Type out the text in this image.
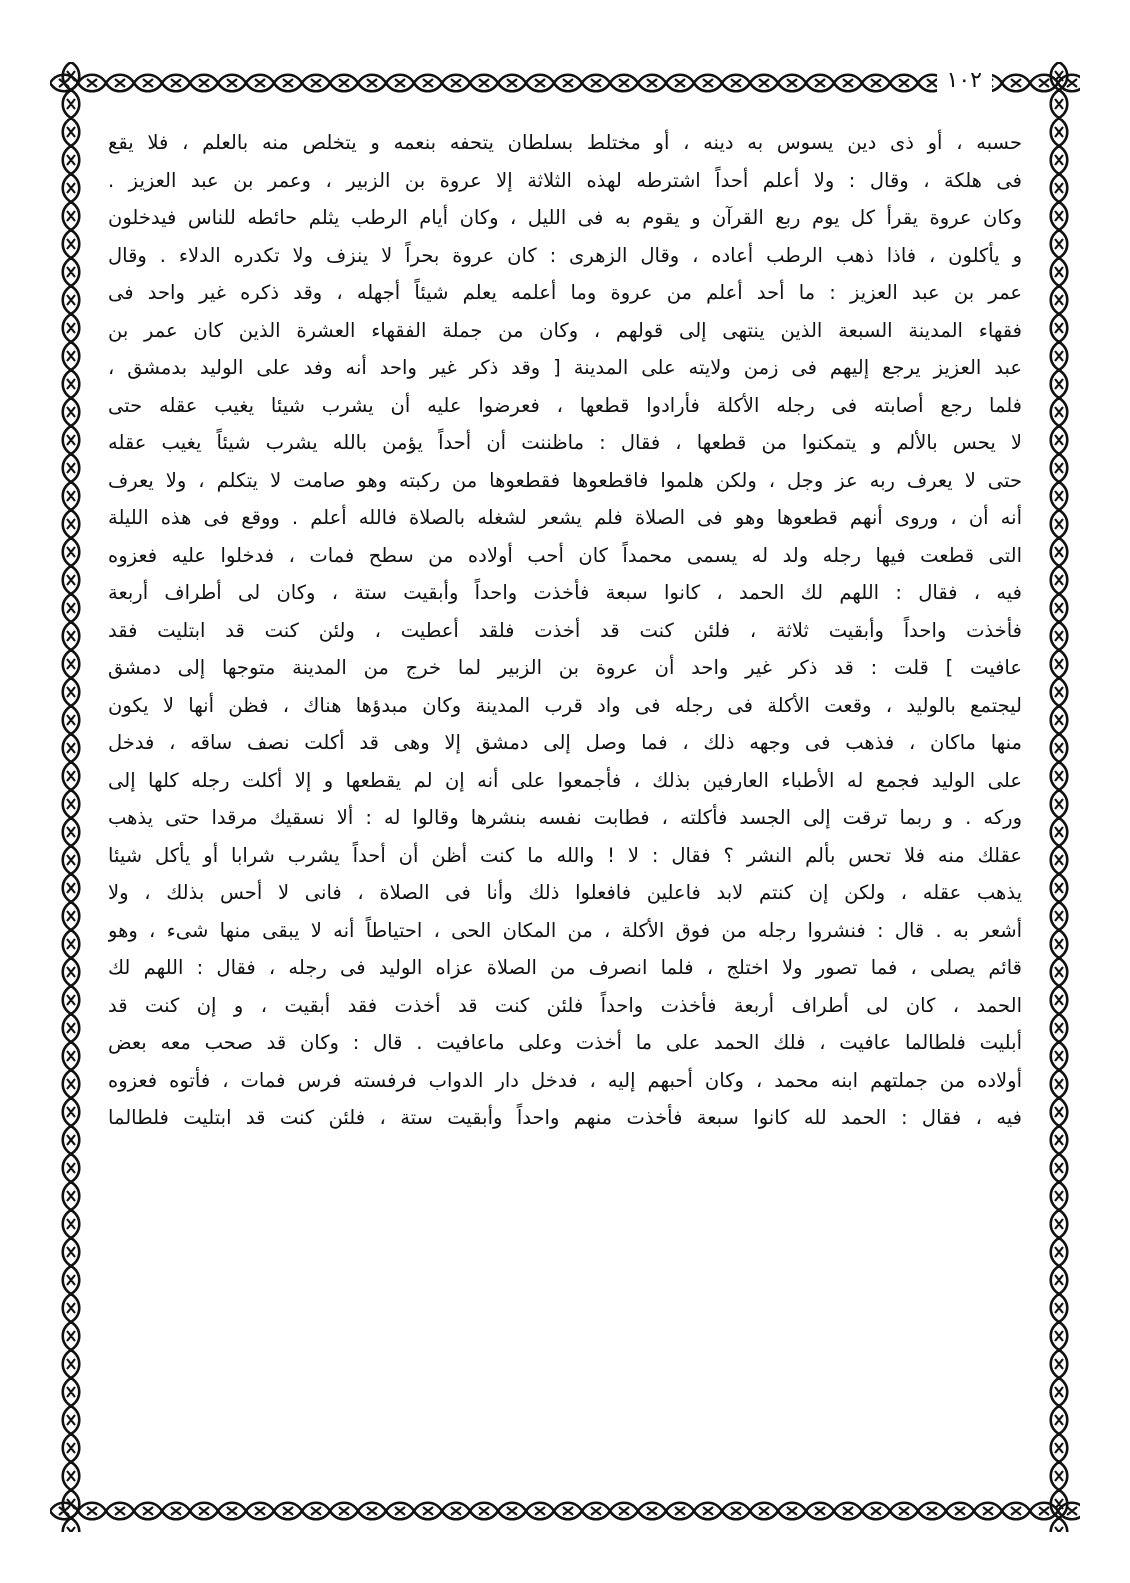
١٠٢
حسبه ، أو ذى دين يسوس به دينه ، أو مختلط بسلطان يتحفه بنعمه و يتخلص منه بالعلم ، فلا يقع
فى هلكة ، وقال : ولا أعلم أحداً اشترطه لهذه الثلاثة إلا عروة بن الزبير ، وعمر بن عبد العزيز .
وكان عروة يقرأ كل يوم ربع القرآن و يقوم به فى الليل ، وكان أيام الرطب يثلم حائطه للناس فيدخلون
و يأكلون ، فاذا ذهب الرطب أعاده ، وقال الزهرى : كان عروة بحراً لا ينزف ولا تكدره الدلاء . وقال
عمر بن عبد العزيز : ما أحد أعلم من عروة وما أعلمه يعلم شيئاً أجهله ، وقد ذكره غير واحد فى
فقهاء المدينة السبعة الذين ينتهى إلى قولهم ، وكان من جملة الفقهاء العشرة الذين كان عمر بن
عبد العزيز يرجع إليهم فى زمن ولايته على المدينة [ وقد ذكر غير واحد أنه وفد على الوليد بدمشق ،
فلما رجع أصابته فى رجله الأكلة فأرادوا قطعها ، فعرضوا عليه أن يشرب شيئا يغيب عقله حتى
لا يحس بالألم و يتمكنوا من قطعها ، فقال : ماظننت أن أحداً يؤمن بالله يشرب شيئاً يغيب عقله
حتى لا يعرف ربه عز وجل ، ولكن هلموا فاقطعوها فقطعوها من ركبته وهو صامت لا يتكلم ، ولا يعرف
أنه أن ، وروى أنهم قطعوها وهو فى الصلاة فلم يشعر لشغله بالصلاة فالله أعلم . ووقع فى هذه الليلة
التى قطعت فيها رجله ولد له يسمى محمداً كان أحب أولاده من سطح فمات ، فدخلوا عليه فعزوه
فيه ، فقال : اللهم لك الحمد ، كانوا سبعة فأخذت واحداً وأبقيت ستة ، وكان لى أطراف أربعة
فأخذت واحداً وأبقيت ثلاثة ، فلئن كنت قد أخذت فلقد أعطيت ، ولئن كنت قد ابتليت فقد
عافيت ] قلت : قد ذكر غير واحد أن عروة بن الزبير لما خرج من المدينة متوجها إلى دمشق
ليجتمع بالوليد ، وقعت الأكلة فى رجله فى واد قرب المدينة وكان مبدؤها هناك ، فظن أنها لا يكون
منها ماكان ، فذهب فى وجهه ذلك ، فما وصل إلى دمشق إلا وهى قد أكلت نصف ساقه ، فدخل
على الوليد فجمع له الأطباء العارفين بذلك ، فأجمعوا على أنه إن لم يقطعها و إلا أكلت رجله كلها إلى
وركه . و ربما ترقت إلى الجسد فأكلته ، فطابت نفسه بنشرها وقالوا له : ألا نسقيك مرقدا حتى يذهب
عقلك منه فلا تحس بألم النشر ؟ فقال : لا ! والله ما كنت أظن أن أحداً يشرب شرابا أو يأكل شيئا
يذهب عقله ، ولكن إن كنتم لابد فاعلين فافعلوا ذلك وأنا فى الصلاة ، فانى لا أحس بذلك ، ولا
أشعر به . قال : فنشروا رجله من فوق الأكلة ، من المكان الحى ، احتياطاً أنه لا يبقى منها شىء ، وهو
قائم يصلى ، فما تصور ولا اختلج ، فلما انصرف من الصلاة عزاه الوليد فى رجله ، فقال : اللهم لك
الحمد ، كان لى أطراف أربعة فأخذت واحداً فلئن كنت قد أخذت فقد أبقيت ، و إن كنت قد
أبليت فلطالما عافيت ، فلك الحمد على ما أخذت وعلى ماعافيت . قال : وكان قد صحب معه بعض
أولاده من جملتهم ابنه محمد ، وكان أحبهم إليه ، فدخل دار الدواب فرفسته فرس فمات ، فأتوه فعزوه
فيه ، فقال : الحمد لله كانوا سبعة فأخذت منهم واحداً وأبقيت ستة ، فلئن كنت قد ابتليت فلطالما
